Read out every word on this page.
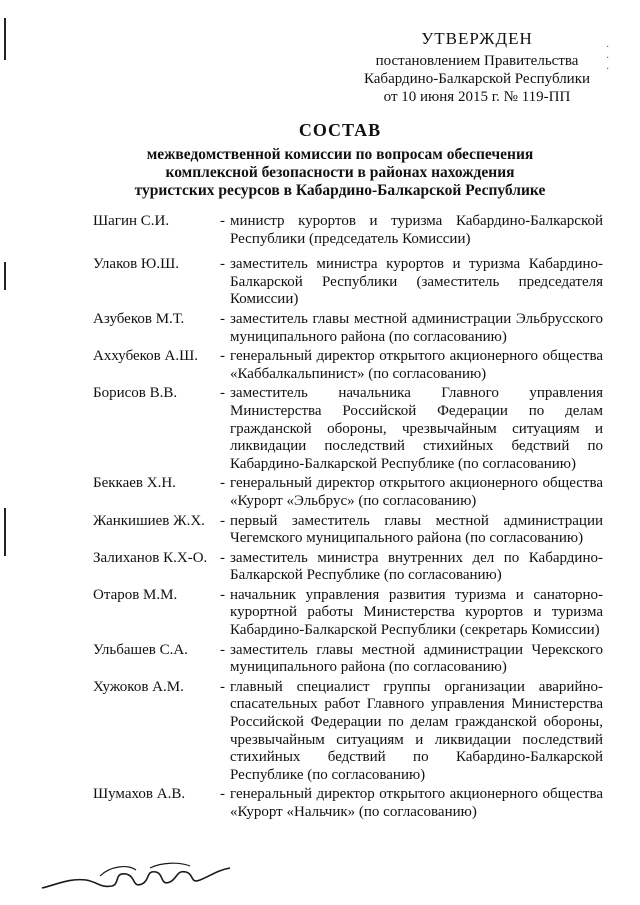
·
·
·
УТВЕРЖДЕН
постановлением Правительства
Кабардино-Балкарской Республики
от 10 июня 2015 г. № 119-ПП
СОСТАВ
межведомственной комиссии по вопросам обеспечения
комплексной безопасности в районах нахождения
туристских ресурсов в Кабардино-Балкарской Республике
Шагин С.И.	- министр курортов и туризма Кабардино-Балкарской Республики (председатель Комиссии)
Улаков Ю.Ш.	- заместитель министра курортов и туризма Кабардино-Балкарской Республики (заместитель председателя Комиссии)
Азубеков М.Т.	- заместитель главы местной администрации Эльбрусского муниципального района (по согласованию)
Аххубеков А.Ш.	- генеральный директор открытого акционерного общества «Каббалкальпинист» (по согласованию)
Борисов В.В.	- заместитель начальника Главного управления Министерства Российской Федерации по делам гражданской обороны, чрезвычайным ситуациям и ликвидации последствий стихийных бедствий по Кабардино-Балкарской Республике (по согласованию)
Беккаев Х.Н.	- генеральный директор открытого акционерного общества «Курорт «Эльбрус» (по согласованию)
Жанкишиев Ж.Х.	- первый заместитель главы местной администрации Чегемского муниципального района (по согласованию)
Залиханов К.Х-О. - заместитель министра внутренних дел по Кабардино-Балкарской Республике (по согласованию)
Отаров М.М.	- начальник управления развития туризма и санаторно-курортной работы Министерства курортов и туризма Кабардино-Балкарской Республики (секретарь Комиссии)
Ульбашев С.А.	- заместитель главы местной администрации Черекского муниципального района (по согласованию)
Хужоков А.М.	- главный специалист группы организации аварийно-спасательных работ Главного управления Министерства Российской Федерации по делам гражданской обороны, чрезвычайным ситуациям и ликвидации последствий стихийных бедствий по Кабардино-Балкарской Республике (по согласованию)
Шумахов А.В.	- генеральный директор открытого акционерного общества «Курорт «Нальчик» (по согласованию)
